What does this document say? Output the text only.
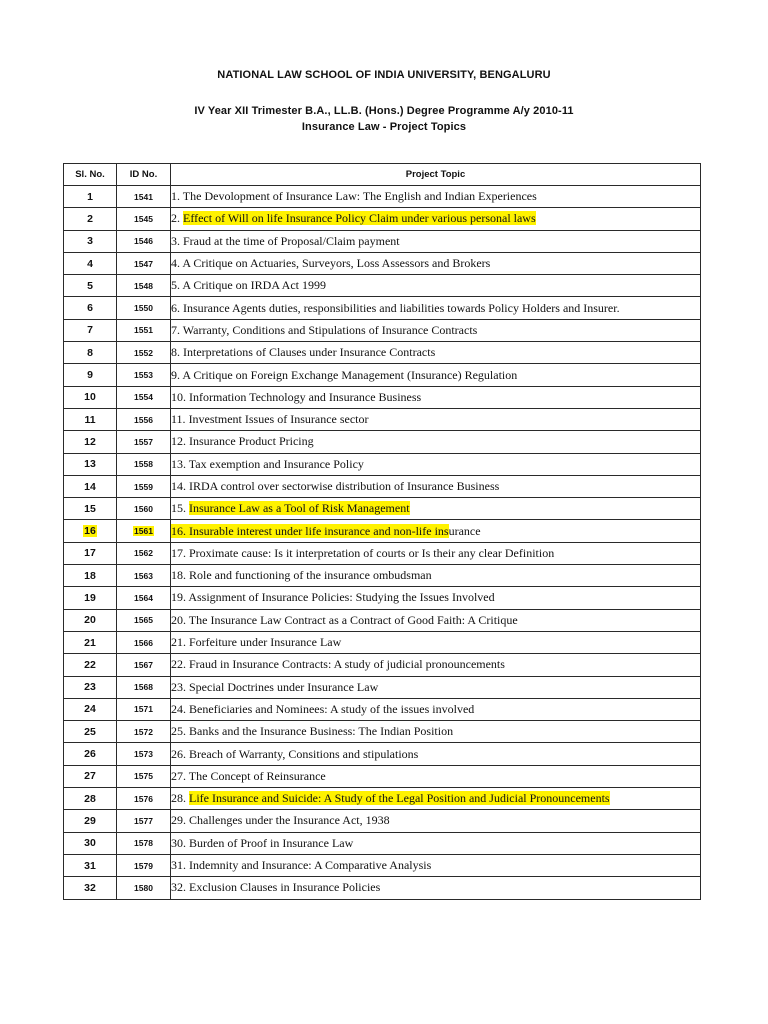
NATIONAL LAW SCHOOL OF INDIA UNIVERSITY, BENGALURU
IV Year XII Trimester B.A., LL.B. (Hons.) Degree Programme A/y 2010-11
Insurance Law - Project Topics
Sl. No.	ID No.	Project Topic
1	1541	1. The Devolopment of Insurance Law: The English and Indian Experiences
2	1545	2. Effect of Will on life Insurance Policy Claim under various personal laws
3	1546	3. Fraud at the time of Proposal/Claim payment
4	1547	4. A Critique on Actuaries, Surveyors, Loss Assessors and Brokers
5	1548	5. A Critique on IRDA Act 1999
6	1550	6. Insurance Agents duties, responsibilities and liabilities towards Policy Holders and Insurer.
7	1551	7. Warranty, Conditions and Stipulations of Insurance Contracts
8	1552	8. Interpretations of Clauses under Insurance Contracts
9	1553	9. A Critique on Foreign Exchange Management (Insurance) Regulation
10	1554	10. Information Technology and Insurance Business
11	1556	11. Investment Issues of Insurance sector
12	1557	12. Insurance Product Pricing
13	1558	13. Tax exemption and Insurance Policy
14	1559	14. IRDA control over sectorwise distribution of Insurance Business
15	1560	15. Insurance Law as a Tool of Risk Management
16	1561	16. Insurable interest under life insurance and non-life insurance
17	1562	17. Proximate cause: Is it interpretation of courts or Is their any clear Definition
18	1563	18. Role and functioning of the insurance ombudsman
19	1564	19. Assignment of Insurance Policies: Studying the Issues Involved
20	1565	20. The Insurance Law Contract as a Contract of Good Faith: A Critique
21	1566	21. Forfeiture under Insurance Law
22	1567	22. Fraud in Insurance Contracts: A study of judicial pronouncements
23	1568	23. Special Doctrines under Insurance Law
24	1571	24. Beneficiaries and Nominees: A study of the issues involved
25	1572	25. Banks and the Insurance Business: The Indian Position
26	1573	26. Breach of Warranty, Consitions and stipulations
27	1575	27. The Concept of Reinsurance
28	1576	28. Life Insurance and Suicide: A Study of the Legal Position and Judicial Pronouncements
29	1577	29. Challenges under the Insurance Act, 1938
30	1578	30. Burden of Proof in Insurance Law
31	1579	31. Indemnity and Insurance: A Comparative Analysis
32	1580	32. Exclusion Clauses in Insurance Policies
